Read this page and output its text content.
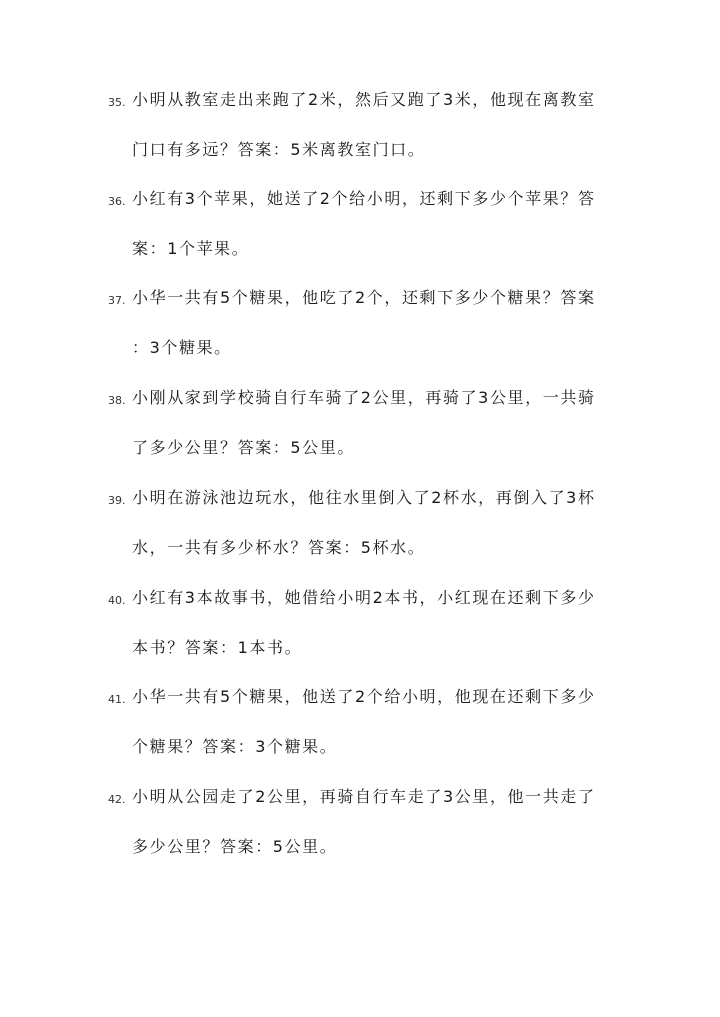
35. 小明从教室走出来跑了2米，然后又跑了3米，他现在离教室
门口有多远？答案：5米离教室门口。
36. 小红有3个苹果，她送了2个给小明，还剩下多少个苹果？答
案：1个苹果。
37. 小华一共有5个糖果，他吃了2个，还剩下多少个糖果？答案
：3个糖果。
38. 小刚从家到学校骑自行车骑了2公里，再骑了3公里，一共骑
了多少公里？答案：5公里。
39. 小明在游泳池边玩水，他往水里倒入了2杯水，再倒入了3杯
水，一共有多少杯水？答案：5杯水。
40. 小红有3本故事书，她借给小明2本书，小红现在还剩下多少
本书？答案：1本书。
41. 小华一共有5个糖果，他送了2个给小明，他现在还剩下多少
个糖果？答案：3个糖果。
42. 小明从公园走了2公里，再骑自行车走了3公里，他一共走了
多少公里？答案：5公里。
